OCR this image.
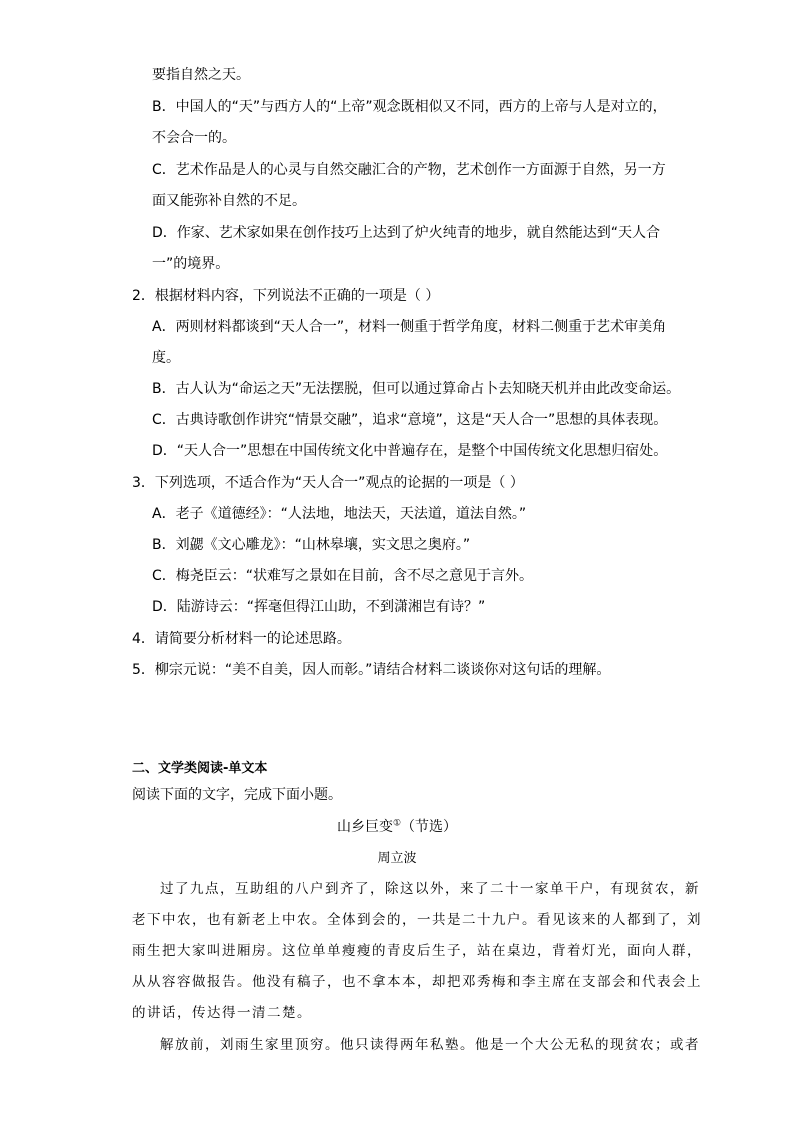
要指自然之天。
B．中国人的“天”与西方人的“上帝”观念既相似又不同，西方的上帝与人是对立的，
不会合一的。
C．艺术作品是人的心灵与自然交融汇合的产物，艺术创作一方面源于自然，另一方
面又能弥补自然的不足。
D．作家、艺术家如果在创作技巧上达到了炉火纯青的地步，就自然能达到“天人合
一”的境界。
2．根据材料内容，下列说法不正确的一项是（ ）
A．两则材料都谈到“天人合一”，材料一侧重于哲学角度，材料二侧重于艺术审美角
度。
B．古人认为“命运之天”无法摆脱，但可以通过算命占卜去知晓天机并由此改变命运。
C．古典诗歌创作讲究“情景交融”，追求“意境”，这是“天人合一”思想的具体表现。
D．“天人合一”思想在中国传统文化中普遍存在，是整个中国传统文化思想归宿处。
3．下列选项，不适合作为“天人合一”观点的论据的一项是（ ）
A．老子《道德经》：“人法地，地法天，天法道，道法自然。”
B．刘勰《文心雕龙》：“山林皋壤，实文思之奥府。”
C．梅尧臣云：“状难写之景如在目前，含不尽之意见于言外。
D．陆游诗云：“挥毫但得江山助，不到潇湘岂有诗？”
4．请简要分析材料一的论述思路。
5．柳宗元说：“美不自美，因人而彰。”请结合材料二谈谈你对这句话的理解。
二、文学类阅读-单文本
阅读下面的文字，完成下面小题。
山乡巨变①（节选）
周立波
过了九点，互助组的八户到齐了，除这以外，来了二十一家单干户，有现贫农，新
老下中农，也有新老上中农。全体到会的，一共是二十九户。看见该来的人都到了，刘
雨生把大家叫进厢房。这位单单瘦瘦的青皮后生子，站在桌边，背着灯光，面向人群，
从从容容做报告。他没有稿子，也不拿本本，却把邓秀梅和李主席在支部会和代表会上
的讲话，传达得一清二楚。
解放前，刘雨生家里顶穷。他只读得两年私塾。他是一个大公无私的现贫农；或者
